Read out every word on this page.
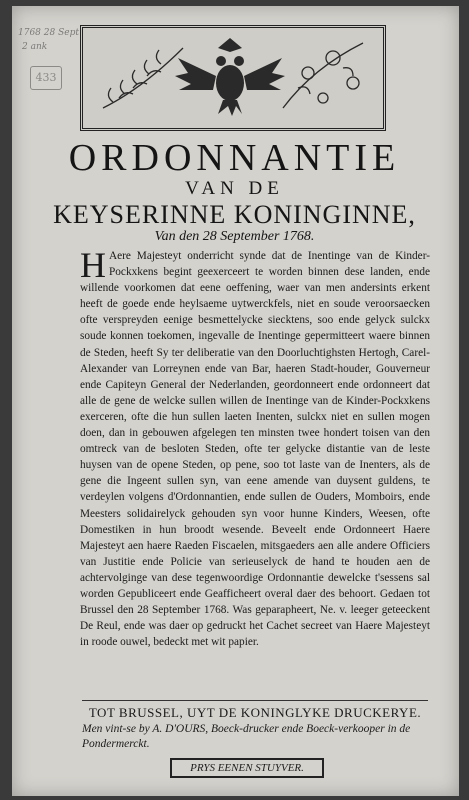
1768 28 Sept
2 ank
433
ORDONNANTIE
VAN DE
KEYSERINNE KONINGINNE,
Van den 28 September 1768.
H Aere Majesteyt onderricht synde dat de Inentinge van de Kinder-Pockxkens begint geexerceert te worden binnen dese landen, ende willende voorkomen dat eene oeffening, waer van men andersints erkent heeft de goede ende heylsaeme uytwerckfels, niet en soude veroorsaecken ofte verspreyden eenige besmettelycke siecktens, soo ende gelyck sulckx soude konnen toekomen, ingevalle de Inentinge gepermitteert waere binnen de Steden, heeft Sy ter deliberatie van den Doorluchtighsten Hertogh, Carel-Alexander van Lorreynen ende van Bar, haeren Stadt-houder, Gouverneur ende Capiteyn General der Nederlanden, geordonneert ende ordonneert dat alle de gene de welcke sullen willen de Inentinge van de Kinder-Pockxkens exerceren, ofte die hun sullen laeten Inenten, sulckx niet en sullen mogen doen, dan in gebouwen afgelegen ten minsten twee hondert toisen van den omtreck van de besloten Steden, ofte ter gelycke distantie van de leste huysen van de opene Steden, op pene, soo tot laste van de Inenters, als de gene die Ingeent sullen syn, van eene amende van duysent guldens, te verdeylen volgens d'Ordonnantien, ende sullen de Ouders, Momboirs, ende Meesters solidairelyck gehouden syn voor hunne Kinders, Weesen, ofte Domestiken in hun broodt wesende. Beveelt ende Ordonneert Haere Majesteyt aen haere Raeden Fiscaelen, mitsgaeders aen alle andere Officiers van Justitie ende Policie van serieuselyck de hand te houden aen de achtervolginge van dese tegenwoordige Ordonnantie dewelcke t'sessens sal worden Gepubliceert ende Geafficheert overal daer des behoort. Gedaen tot Brussel den 28 September 1768. Was geparapheert, Ne. v. leeger geteeckent De Reul, ende was daer op gedruckt het Cachet secreet van Haere Majesteyt in roode ouwel, bedeckt met wit papier.
TOT BRUSSEL, UYT DE KONINGLYKE DRUCKERYE.
Men vint-se by A. D'OURS, Boeck-drucker ende Boeck-verkooper in de Pondermerckt.
PRYS EENEN STUYVER.
